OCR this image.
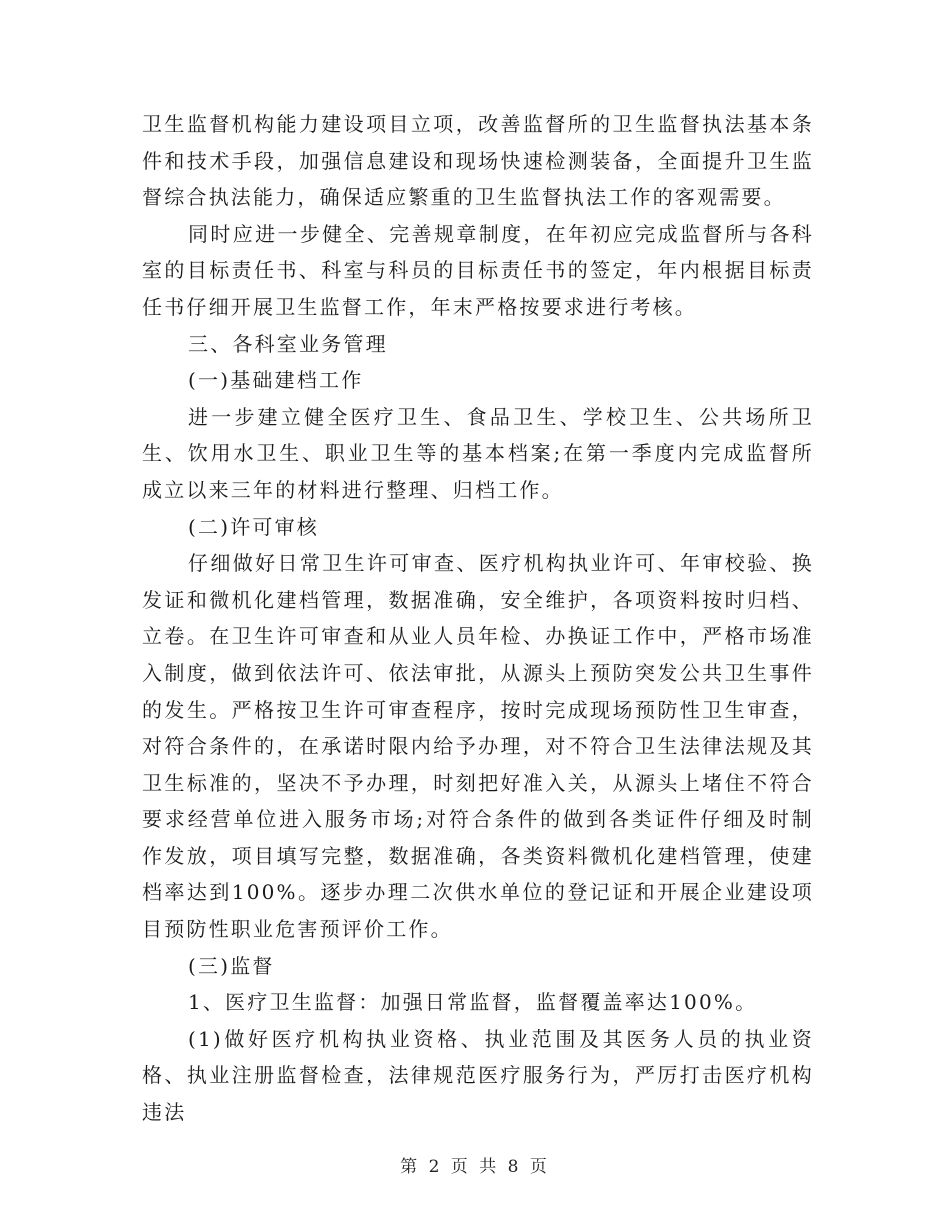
卫生监督机构能力建设项目立项，改善监督所的卫生监督执法基本条件和技术手段，加强信息建设和现场快速检测装备，全面提升卫生监督综合执法能力，确保适应繁重的卫生监督执法工作的客观需要。

同时应进一步健全、完善规章制度，在年初应完成监督所与各科室的目标责任书、科室与科员的目标责任书的签定，年内根据目标责任书仔细开展卫生监督工作，年末严格按要求进行考核。

三、各科室业务管理

(一)基础建档工作

进一步建立健全医疗卫生、食品卫生、学校卫生、公共场所卫生、饮用水卫生、职业卫生等的基本档案;在第一季度内完成监督所成立以来三年的材料进行整理、归档工作。

(二)许可审核

仔细做好日常卫生许可审查、医疗机构执业许可、年审校验、换发证和微机化建档管理，数据准确，安全维护，各项资料按时归档、立卷。在卫生许可审查和从业人员年检、办换证工作中，严格市场准入制度，做到依法许可、依法审批，从源头上预防突发公共卫生事件的发生。严格按卫生许可审查程序，按时完成现场预防性卫生审查，对符合条件的，在承诺时限内给予办理，对不符合卫生法律法规及其卫生标准的，坚决不予办理，时刻把好准入关，从源头上堵住不符合要求经营单位进入服务市场;对符合条件的做到各类证件仔细及时制作发放，项目填写完整，数据准确，各类资料微机化建档管理，使建档率达到100%。逐步办理二次供水单位的登记证和开展企业建设项目预防性职业危害预评价工作。

(三)监督

1、医疗卫生监督：加强日常监督，监督覆盖率达100%。

(1)做好医疗机构执业资格、执业范围及其医务人员的执业资格、执业注册监督检查，法律规范医疗服务行为，严厉打击医疗机构违法

第 2 页 共 8 页
